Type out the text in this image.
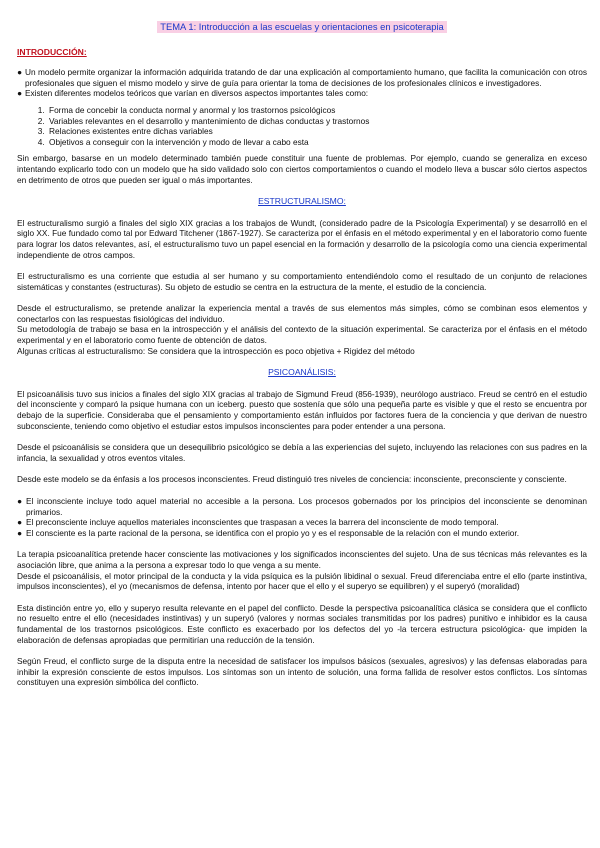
TEMA 1: Introducción a las escuelas y orientaciones en psicoterapia
INTRODUCCIÓN:
● Un modelo permite organizar la información adquirida tratando de dar una explicación al comportamiento humano, que facilita la comunicación con otros profesionales que siguen el mismo modelo y sirve de guía para orientar la toma de decisiones de los profesionales clínicos e investigadores.
● Existen diferentes modelos teóricos que varían en diversos aspectos importantes tales como:
1. Forma de concebir la conducta normal y anormal y los trastornos psicológicos
2. Variables relevantes en el desarrollo y mantenimiento de dichas conductas y trastornos
3. Relaciones existentes entre dichas variables
4. Objetivos a conseguir con la intervención y modo de llevar a cabo esta

Sin embargo, basarse en un modelo determinado también puede constituir una fuente de problemas. Por ejemplo, cuando se generaliza en exceso intentando explicarlo todo con un modelo que ha sido validado solo con ciertos comportamientos o cuando el modelo lleva a buscar sólo ciertos aspectos en detrimento de otros que pueden ser igual o más importantes.

ESTRUCTURALISMO:

El estructuralismo surgió a finales del siglo XIX gracias a los trabajos de Wundt, (considerado padre de la Psicología Experimental) y se desarrolló en el siglo XX. Fue fundado como tal por Edward Titchener (1867-1927). Se caracteriza por el énfasis en el método experimental y en el laboratorio como fuente para lograr los datos relevantes, así, el estructuralismo tuvo un papel esencial en la formación y desarrollo de la psicología como una ciencia experimental independiente de otros campos.

El estructuralismo es una corriente que estudia al ser humano y su comportamiento entendiéndolo como el resultado de un conjunto de relaciones sistemáticas y constantes (estructuras). Su objeto de estudio se centra en la estructura de la mente, el estudio de la conciencia.

Desde el estructuralismo, se pretende analizar la experiencia mental a través de sus elementos más simples, cómo se combinan esos elementos y conectarlos con las respuestas fisiológicas del individuo.

Su metodología de trabajo se basa en la introspección y el análisis del contexto de la situación experimental. Se caracteriza por el énfasis en el método experimental y en el laboratorio como fuente de obtención de datos.

Algunas críticas al estructuralismo: Se considera que la introspección es poco objetiva + Rigidez del método

PSICOANÁLISIS:

El psicoanálisis tuvo sus inicios a finales del siglo XIX gracias al trabajo de Sigmund Freud (856-1939), neurólogo austriaco. Freud se centró en el estudio del inconsciente y comparó la psique humana con un iceberg. puesto que sostenía que sólo una pequeña parte es visible y que el resto se encuentra por debajo de la superficie. Consideraba que el pensamiento y comportamiento están influidos por factores fuera de la conciencia y que derivan de nuestro subconsciente, teniendo como objetivo el estudiar estos impulsos inconscientes para poder entender a una persona.

Desde el psicoanálisis se considera que un desequilibrio psicológico se debía a las experiencias del sujeto, incluyendo las relaciones con sus padres en la infancia, la sexualidad y otros eventos vitales.

Desde este modelo se da énfasis a los procesos inconscientes. Freud distinguió tres niveles de conciencia: inconsciente, preconsciente y consciente.

● El inconsciente incluye todo aquel material no accesible a la persona. Los procesos gobernados por los principios del inconsciente se denominan primarios.
● El preconsciente incluye aquellos materiales inconscientes que traspasan a veces la barrera del inconsciente de modo temporal.
● El consciente es la parte racional de la persona, se identifica con el propio yo y es el responsable de la relación con el mundo exterior.

La terapia psicoanalítica pretende hacer consciente las motivaciones y los significados inconscientes del sujeto. Una de sus técnicas más relevantes es la asociación libre, que anima a la persona a expresar todo lo que venga a su mente.

Desde el psicoanálisis, el motor principal de la conducta y la vida psíquica es la pulsión libidinal o sexual. Freud diferenciaba entre el ello (parte instintiva, impulsos inconscientes), el yo (mecanismos de defensa, intento por hacer que el ello y el superyo se equilibren) y el superyó (moralidad)

Esta distinción entre yo, ello y superyo resulta relevante en el papel del conflicto. Desde la perspectiva psicoanalítica clásica se considera que el conflicto no resuelto entre el ello (necesidades instintivas) y un superyó (valores y normas sociales transmitidas por los padres) punitivo e inhibidor es la causa fundamental de los trastornos psicológicos. Este conflicto es exacerbado por los defectos del yo -la tercera estructura psicológica- que impiden la elaboración de defensas apropiadas que permitirían una reducción de la tensión.

Según Freud, el conflicto surge de la disputa entre la necesidad de satisfacer los impulsos básicos (sexuales, agresivos) y las defensas elaboradas para inhibir la expresión consciente de estos impulsos. Los síntomas son un intento de solución, una forma fallida de resolver estos conflictos. Los síntomas constituyen una expresión simbólica del conflicto.
